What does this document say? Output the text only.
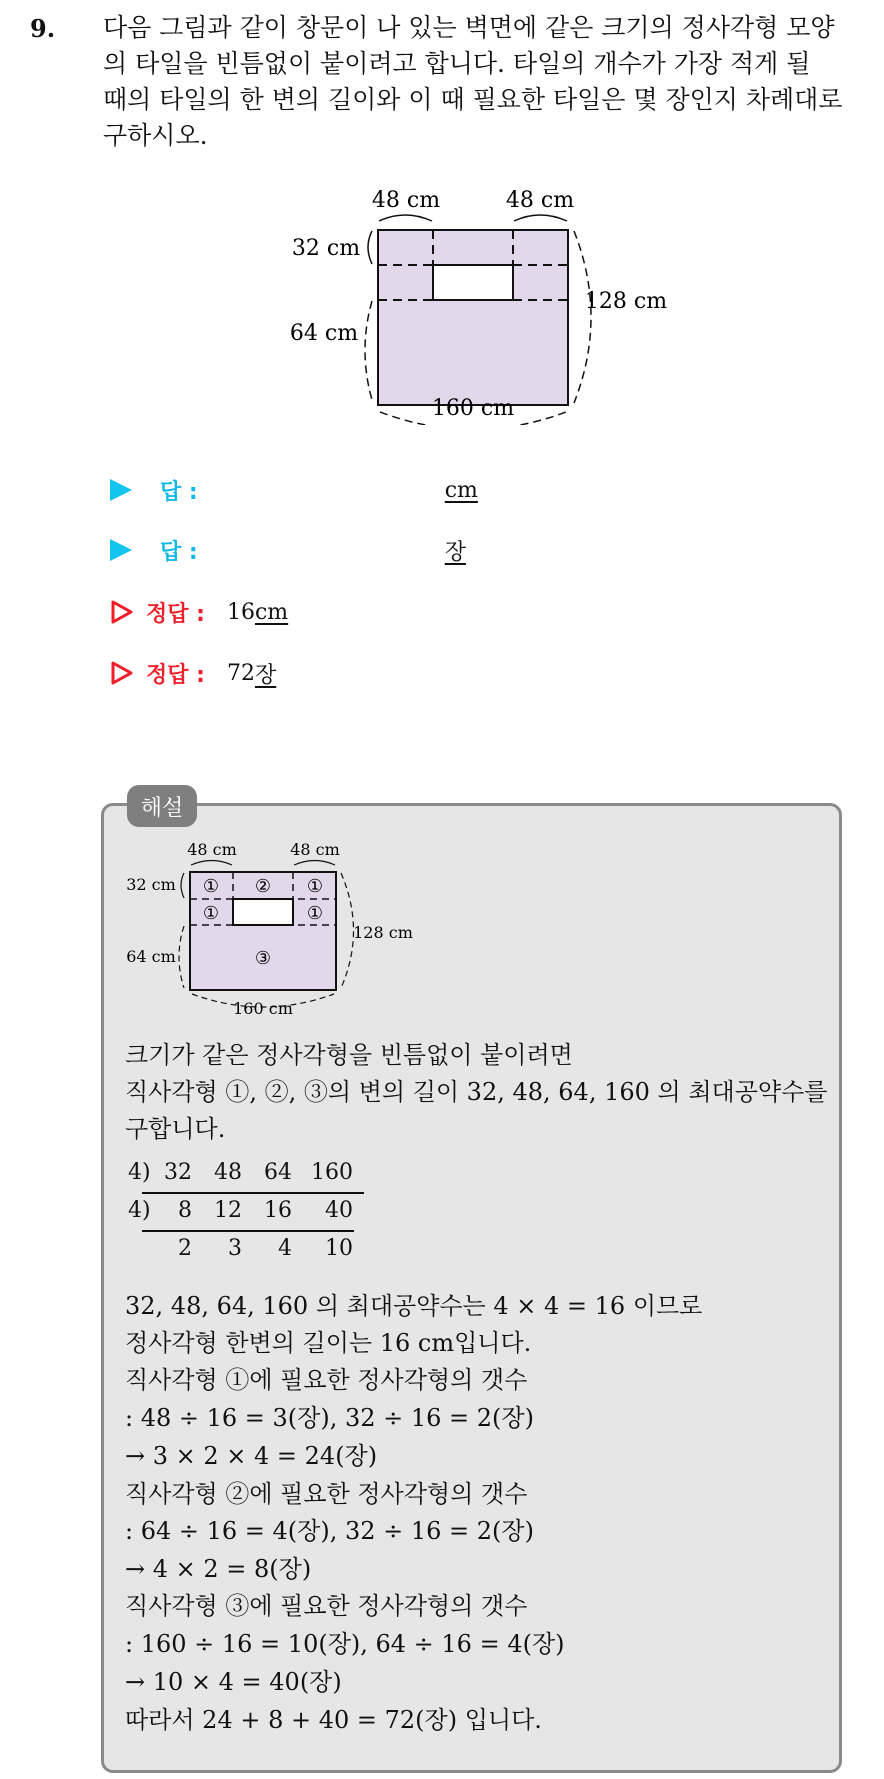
9. 다음 그림과 같이 창문이 나 있는 벽면에 같은 크기의 정사각형 모양
의 타일을 빈틈없이 붙이려고 합니다. 타일의 개수가 가장 적게 될
때의 타일의 한 변의 길이와 이 때 필요한 타일은 몇 장인지 차례대로
구하시오.
48 cm	48 cm
32 cm
64 cm
128 cm
160 cm
답 :	cm
답 :	장
정답 : 16 cm
정답 : 72 장
해설
① ② ①
①	①
③
48 cm	48 cm
32 cm
64 cm
128 cm
160 cm
크기가 같은 정사각형을 빈틈없이 붙이려면
직사각형 ①, ②, ③의 변의 길이 32, 48, 64, 160 의 최대공약수를
구합니다.
4) 32 48 64 160
4)	8 12 16	40
2	3	4	10
32, 48, 64, 160 의 최대공약수는 4 × 4 = 16 이므로
정사각형 한변의 길이는 16 cm입니다.
직사각형 ①에 필요한 정사각형의 갯수
: 48 ÷ 16 = 3(장), 32 ÷ 16 = 2(장)
→ 3 × 2 × 4 = 24(장)
직사각형 ②에 필요한 정사각형의 갯수
: 64 ÷ 16 = 4(장), 32 ÷ 16 = 2(장)
→ 4 × 2 = 8(장)
직사각형 ③에 필요한 정사각형의 갯수
: 160 ÷ 16 = 10(장), 64 ÷ 16 = 4(장)
→ 10 × 4 = 40(장)
따라서 24 + 8 + 40 = 72(장) 입니다.
